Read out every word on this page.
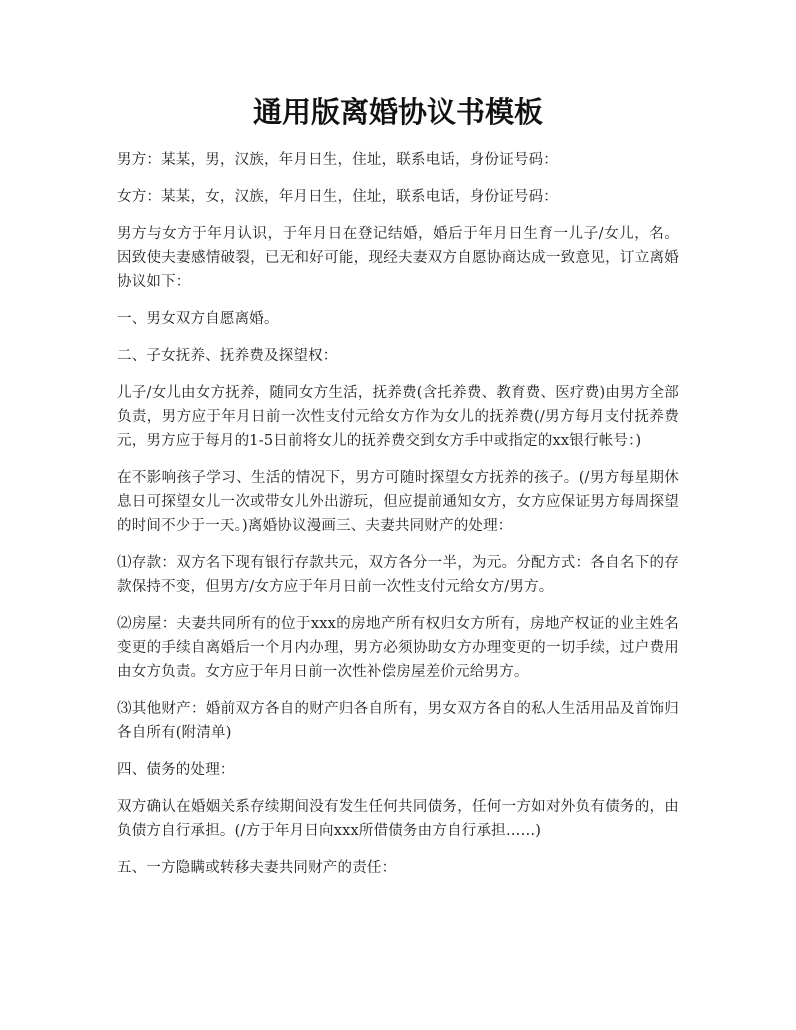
通用版离婚协议书模板

男方：某某，男，汉族，年月日生，住址，联系电话，身份证号码：

女方：某某，女，汉族，年月日生，住址，联系电话，身份证号码：

男方与女方于年月认识，于年月日在登记结婚，婚后于年月日生育一儿子/女儿，名。因致使夫妻感情破裂，已无和好可能，现经夫妻双方自愿协商达成一致意见，订立离婚协议如下：

一、男女双方自愿离婚。

二、子女抚养、抚养费及探望权：

儿子/女儿由女方抚养，随同女方生活，抚养费(含托养费、教育费、医疗费)由男方全部负责，男方应于年月日前一次性支付元给女方作为女儿的抚养费(/男方每月支付抚养费元，男方应于每月的1-5日前将女儿的抚养费交到女方手中或指定的xx银行帐号：)

在不影响孩子学习、生活的情况下，男方可随时探望女方抚养的孩子。(/男方每星期休息日可探望女儿一次或带女儿外出游玩，但应提前通知女方，女方应保证男方每周探望的时间不少于一天。)离婚协议漫画三、夫妻共同财产的处理：

⑴存款：双方名下现有银行存款共元，双方各分一半，为元。分配方式：各自名下的存款保持不变，但男方/女方应于年月日前一次性支付元给女方/男方。

⑵房屋：夫妻共同所有的位于xxx的房地产所有权归女方所有，房地产权证的业主姓名变更的手续自离婚后一个月内办理，男方必须协助女方办理变更的一切手续，过户费用由女方负责。女方应于年月日前一次性补偿房屋差价元给男方。

⑶其他财产：婚前双方各自的财产归各自所有，男女双方各自的私人生活用品及首饰归各自所有(附清单)

四、债务的处理：

双方确认在婚姻关系存续期间没有发生任何共同债务，任何一方如对外负有债务的，由负债方自行承担。(/方于年月日向xxx所借债务由方自行承担……)

五、一方隐瞒或转移夫妻共同财产的责任：
